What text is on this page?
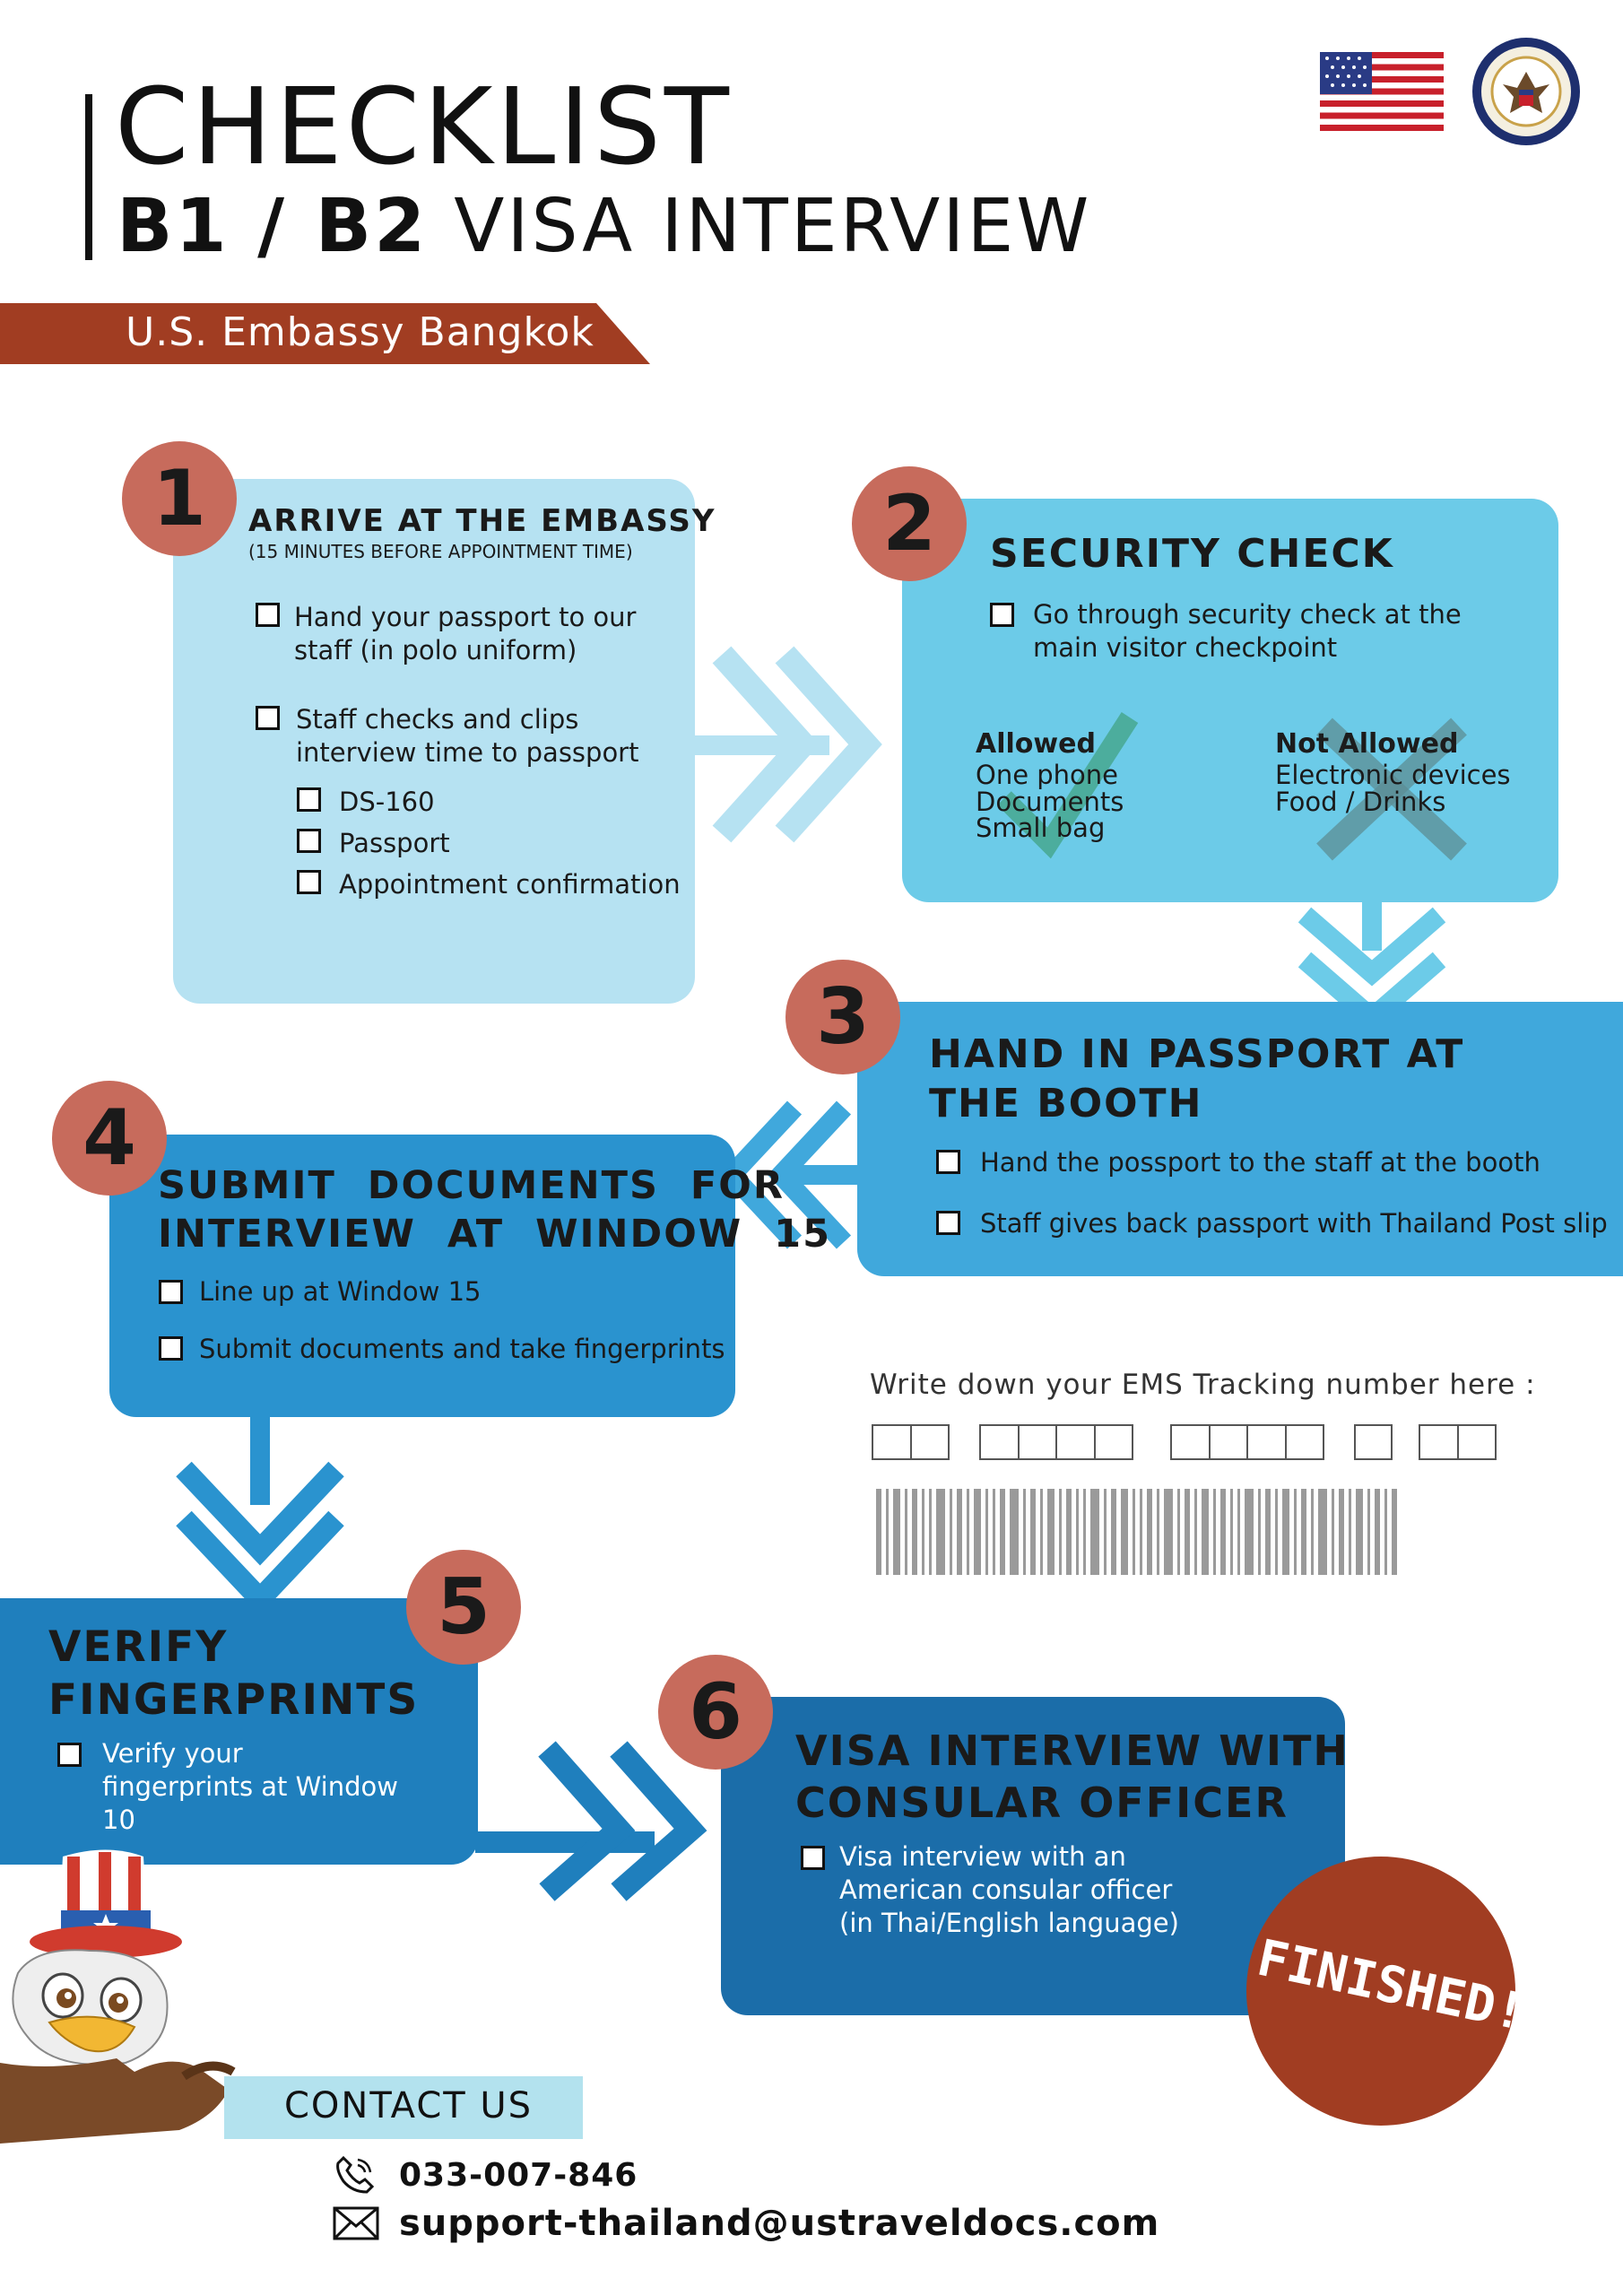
CHECKLIST
B1 / B2 VISA INTERVIEW
U.S. Embassy Bangkok
1	ARRIVE AT THE EMBASSY
(15 MINUTES BEFORE APPOINTMENT TIME)
Hand your passport to our staff (in polo uniform)
Staff checks and clips interview time to passport
DS-160
Passport
Appointment confirmation
2	SECURITY CHECK
Go through security check at the main visitor checkpoint
Allowed
One phone
Documents
Small bag
Not Allowed
Electronic devices
Food / Drinks
3	HAND IN PASSPORT AT
THE BOOTH
Hand the possport to the staff at the booth
Staff gives back passport with Thailand Post slip
4
SUBMIT DOCUMENTS FOR
INTERVIEW AT WINDOW 15
Line up at Window 15
Submit documents and take fingerprints
5
VERIFY
FINGERPRINTS
Verify your fingerprints at Window 10
6	VISA INTERVIEW WITH
CONSULAR OFFICER
Visa interview with an American consular officer (in Thai/English language)
Write down your EMS Tracking number here :
FINISHED!
CONTACT US
033-007-846
support-thailand@ustraveldocs.com
